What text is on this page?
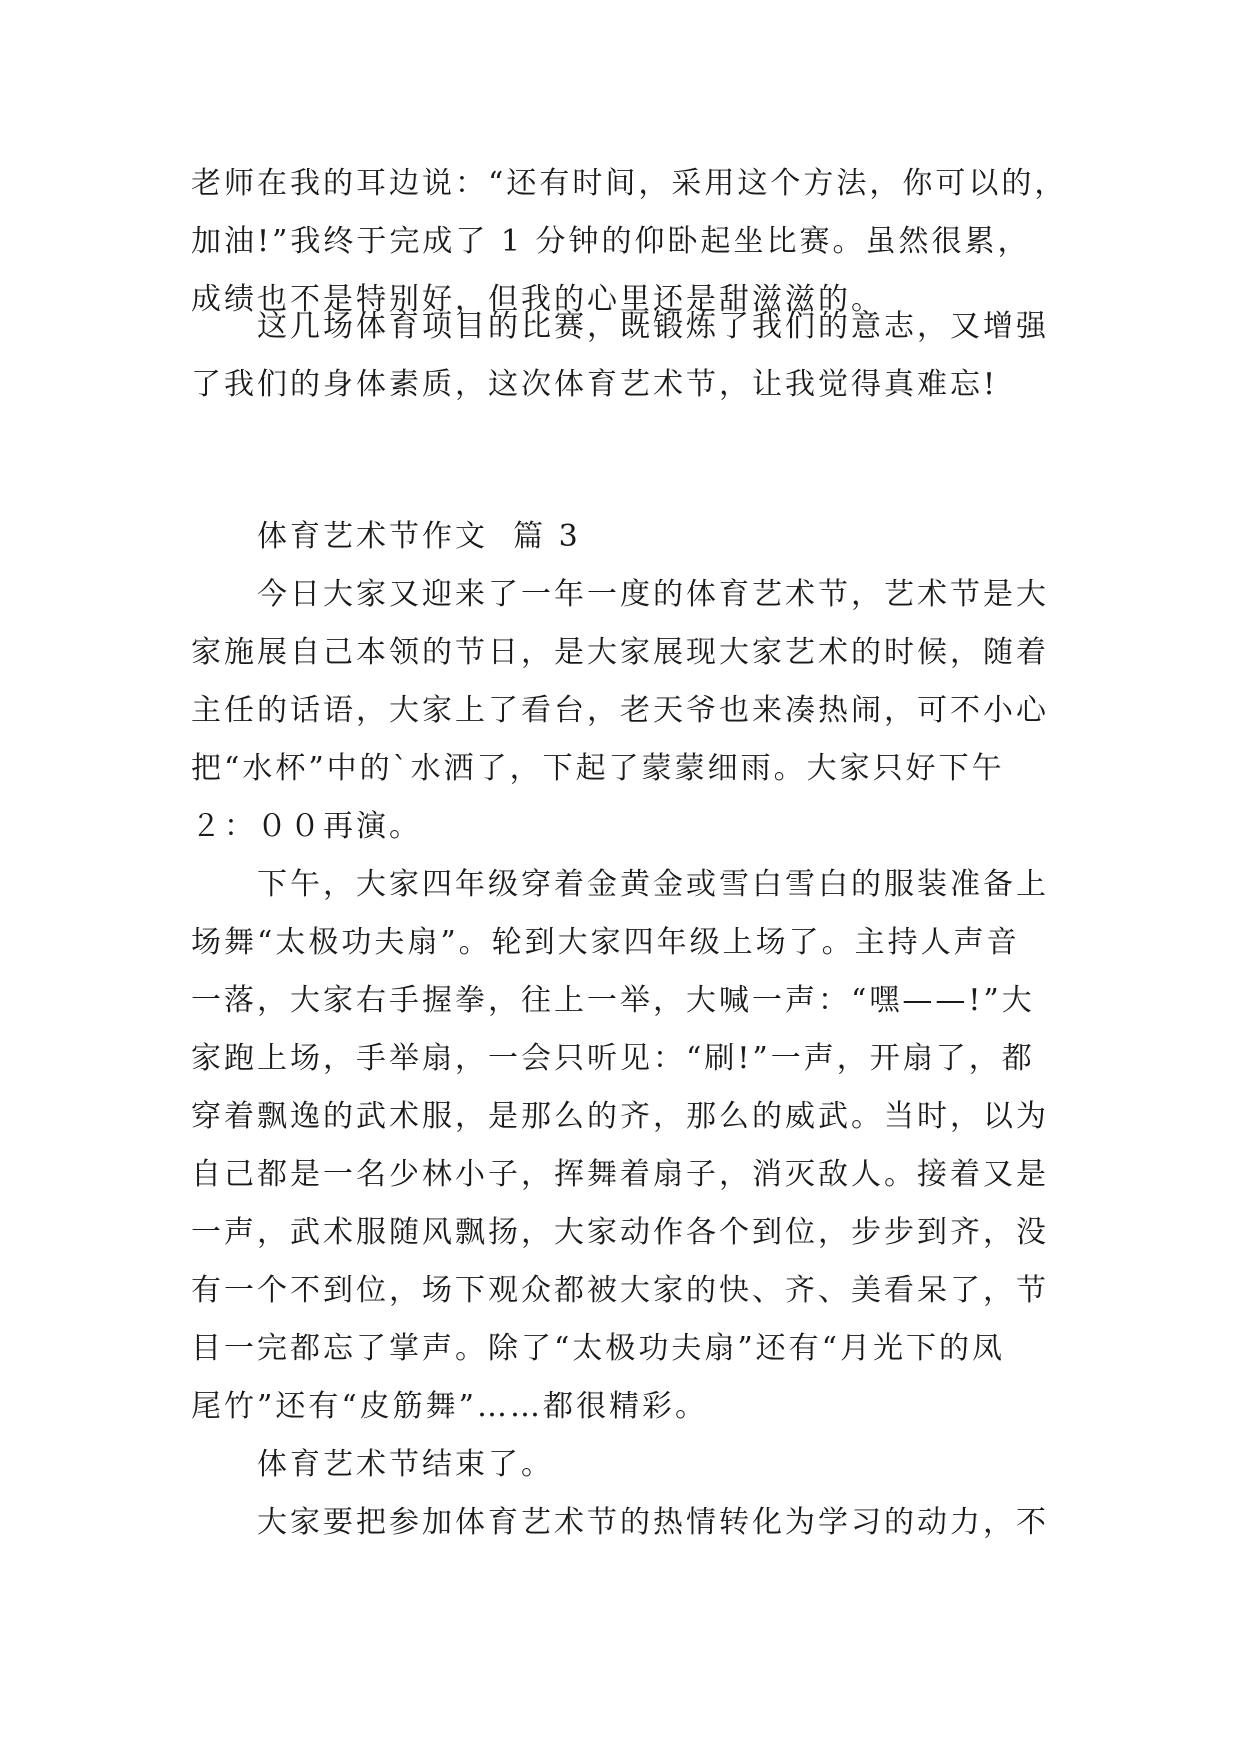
老师在我的耳边说：“还有时间，采用这个方法，你可以的，
加油!”我终于完成了 1 分钟的仰卧起坐比赛。虽然很累，
成绩也不是特别好，但我的心里还是甜滋滋的。
这几场体育项目的比赛，既锻炼了我们的意志，又增强
了我们的身体素质，这次体育艺术节，让我觉得真难忘!
体育艺术节作文  篇 3
今日大家又迎来了一年一度的体育艺术节，艺术节是大
家施展自己本领的节日，是大家展现大家艺术的时候，随着
主任的话语，大家上了看台，老天爷也来凑热闹，可不小心
把“水杯”中的`水洒了，下起了蒙蒙细雨。大家只好下午
２：００再演。
下午，大家四年级穿着金黄金或雪白雪白的服装准备上
场舞“太极功夫扇”。轮到大家四年级上场了。主持人声音
一落，大家右手握拳，往上一举，大喊一声：“嘿——!”大
家跑上场，手举扇，一会只听见：“刷!”一声，开扇了，都
穿着飘逸的武术服，是那么的齐，那么的威武。当时，以为
自己都是一名少林小子，挥舞着扇子，消灭敌人。接着又是
一声，武术服随风飘扬，大家动作各个到位，步步到齐，没
有一个不到位，场下观众都被大家的快、齐、美看呆了，节
目一完都忘了掌声。除了“太极功夫扇”还有“月光下的凤
尾竹”还有“皮筋舞”……都很精彩。
体育艺术节结束了。
大家要把参加体育艺术节的热情转化为学习的动力，不
